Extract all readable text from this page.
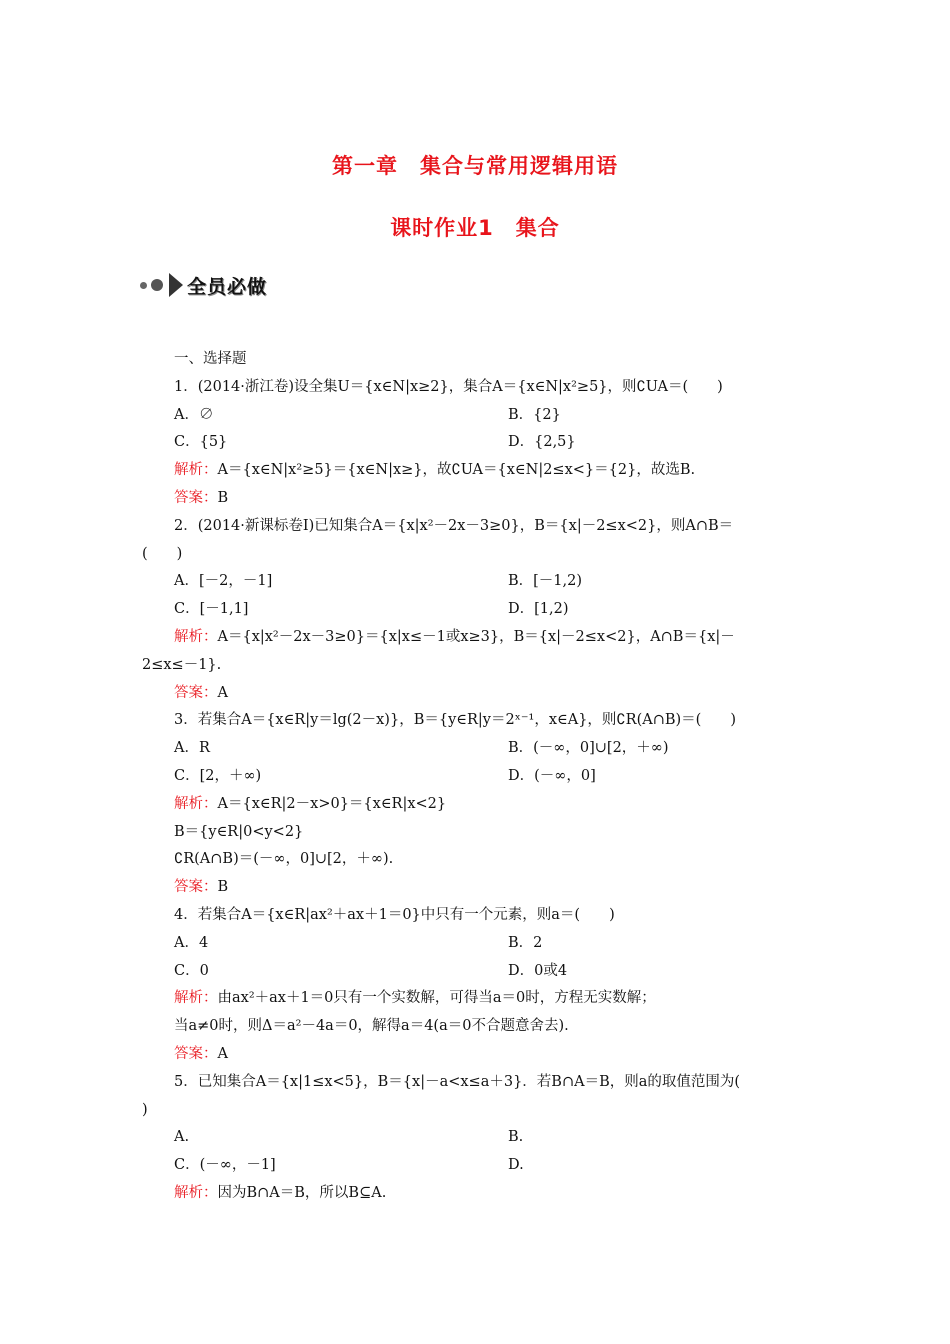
第一章　集合与常用逻辑用语
课时作业1　集合
全员必做
一、选择题
1．(2014·浙江卷)设全集U＝{x∈N|x≥2}，集合A＝{x∈N|x²≥5}，则∁UA＝(　　)
A．∅	B．{2}
C．{5}	D．{2,5}
解析：A＝{x∈N|x²≥5}＝{x∈N|x≥}，故∁UA＝{x∈N|2≤x<}＝{2}，故选B.
答案：B
2．(2014·新课标卷Ⅰ)已知集合A＝{x|x²－2x－3≥0}，B＝{x|－2≤x<2}，则A∩B＝
(　　)
A．[－2，－1]	B．[－1,2)
C．[－1,1]	D．[1,2)
解析：A＝{x|x²－2x－3≥0}＝{x|x≤－1或x≥3}，B＝{x|－2≤x<2}，A∩B＝{x|－
2≤x≤－1}.
答案：A
3．若集合A＝{x∈R|y＝lg(2－x)}，B＝{y∈R|y＝2ˣ⁻¹，x∈A}，则∁R(A∩B)＝(　　)
A．R	B．(－∞，0]∪[2，＋∞)
C．[2，＋∞)	D．(－∞，0]
解析：A＝{x∈R|2－x>0}＝{x∈R|x<2}
B＝{y∈R|0<y<2}
∁R(A∩B)＝(－∞，0]∪[2，＋∞).
答案：B
4．若集合A＝{x∈R|ax²＋ax＋1＝0}中只有一个元素，则a＝(　　)
A．4	B．2
C．0	D．0或4
解析：由ax²＋ax＋1＝0只有一个实数解，可得当a＝0时，方程无实数解；
当a≠0时，则Δ＝a²－4a＝0，解得a＝4(a＝0不合题意舍去).
答案：A
5．已知集合A＝{x|1≤x<5}，B＝{x|－a<x≤a＋3}．若B∩A＝B，则a的取值范围为(
)
A.	B.
C．(－∞，－1]	D.
解析：因为B∩A＝B，所以B⊆A.
